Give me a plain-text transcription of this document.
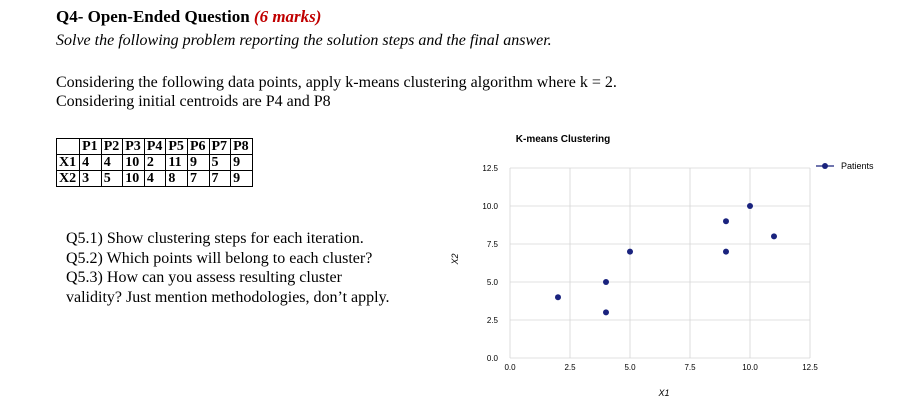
Q4- Open-Ended Question (6 marks)
Solve the following problem reporting the solution steps and the final answer.
Considering the following data points, apply k-means clustering algorithm where k = 2.
Considering initial centroids are P4 and P8
	P1	P2	P3	P4	P5	P6	P7	P8
X1	4	4	10	2	11	9	5	9
X2	3	5	10	4	8	7	7	9
Q5.1) Show clustering steps for each iteration.
Q5.2) Which points will belong to each cluster?
Q5.3) How can you assess resulting cluster
validity? Just mention methodologies, don’t apply.
K-means Clustering
0.0
2.5
5.0
7.5
10.0
12.5
0.0	2.5	5.0	7.5	10.0	12.5
X1
X2
Patients
